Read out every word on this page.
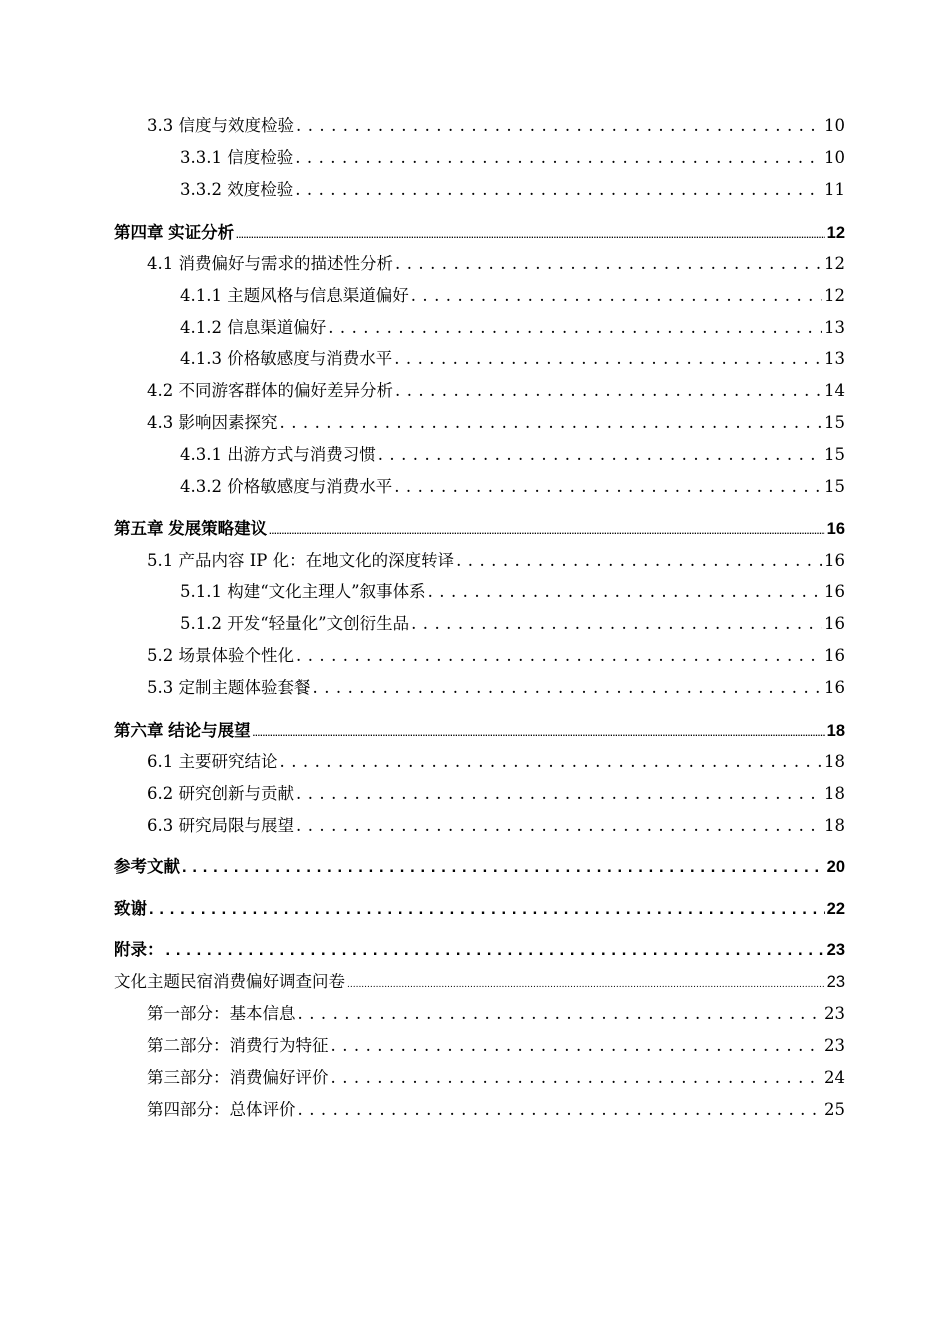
3.3 信度与效度检验 . . .	10
3.3.1 信度检验 . . .	10
3.3.2 效度检验 . . .	11
第四章 实证分析 .....	12
4.1 消费偏好与需求的描述性分析 . . .	12
4.1.1 主题风格与信息渠道偏好 . . .	12
4.1.2 信息渠道偏好 . . .	13
4.1.3 价格敏感度与消费水平 . . .	13
4.2 不同游客群体的偏好差异分析 . . .	14
4.3 影响因素探究 . . .	15
4.3.1 出游方式与消费习惯 . . .	15
4.3.2 价格敏感度与消费水平 . . .	15
第五章 发展策略建议 .....	16
5.1 产品内容 IP 化：在地文化的深度转译 . . .	16
5.1.1 构建“文化主理人”叙事体系 . . .	16
5.1.2 开发“轻量化”文创衍生品 . . .	16
5.2 场景体验个性化 . . .	16
5.3 定制主题体验套餐 . . .	16
第六章 结论与展望 .....	18
6.1 主要研究结论 . . .	18
6.2 研究创新与贡献 . . .	18
6.3 研究局限与展望 . . .	18
参考文献 . . .	20
致谢 . . .	22
附录： . . .	23
文化主题民宿消费偏好调查问卷 .....	23
第一部分：基本信息 . . .	23
第二部分：消费行为特征 . . .	23
第三部分：消费偏好评价 . . .	24
第四部分：总体评价 . . .	25
